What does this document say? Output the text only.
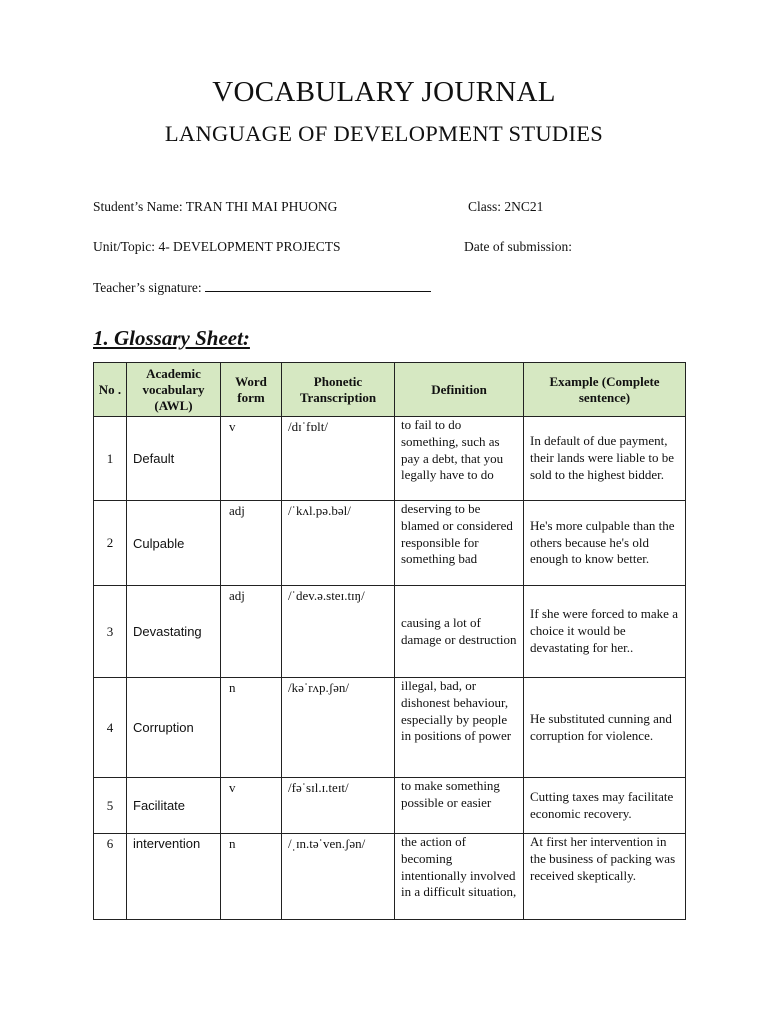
VOCABULARY JOURNAL
LANGUAGE OF DEVELOPMENT STUDIES
Student’s Name: TRAN THI MAI PHUONG	Class: 2NC21
Unit/Topic: 4- DEVELOPMENT PROJECTS	Date of submission:
Teacher’s signature:
1. Glossary Sheet:
No .	Academic vocabulary (AWL)	Word form	Phonetic Transcription	Definition	Example (Complete sentence)
1	Default	v	/dɪˈfɒlt/	to fail to do something, such as pay a debt, that you legally have to do	In default of due payment, their lands were liable to be sold to the highest bidder.
2	Culpable	adj	/ˈkʌl.pə.bəl/	deserving to be blamed or considered responsible for something bad	He's more culpable than the others because he's old enough to know better.
3	Devastating	adj	/ˈdev.ə.steɪ.tɪŋ/	causing a lot of damage or destruction	If she were forced to make a choice it would be devastating for her..
4	Corruption	n	/kəˈrʌp.ʃən/	illegal, bad, or dishonest behaviour, especially by people in positions of power	He substituted cunning and corruption for violence.
5	Facilitate	v	/fəˈsɪl.ɪ.teɪt/	to make something possible or easier	Cutting taxes may facilitate economic recovery.
6	intervention	n	/ˌɪn.təˈven.ʃən/	the action of becoming intentionally involved in a difficult situation,	At first her intervention in the business of packing was received skeptically.
